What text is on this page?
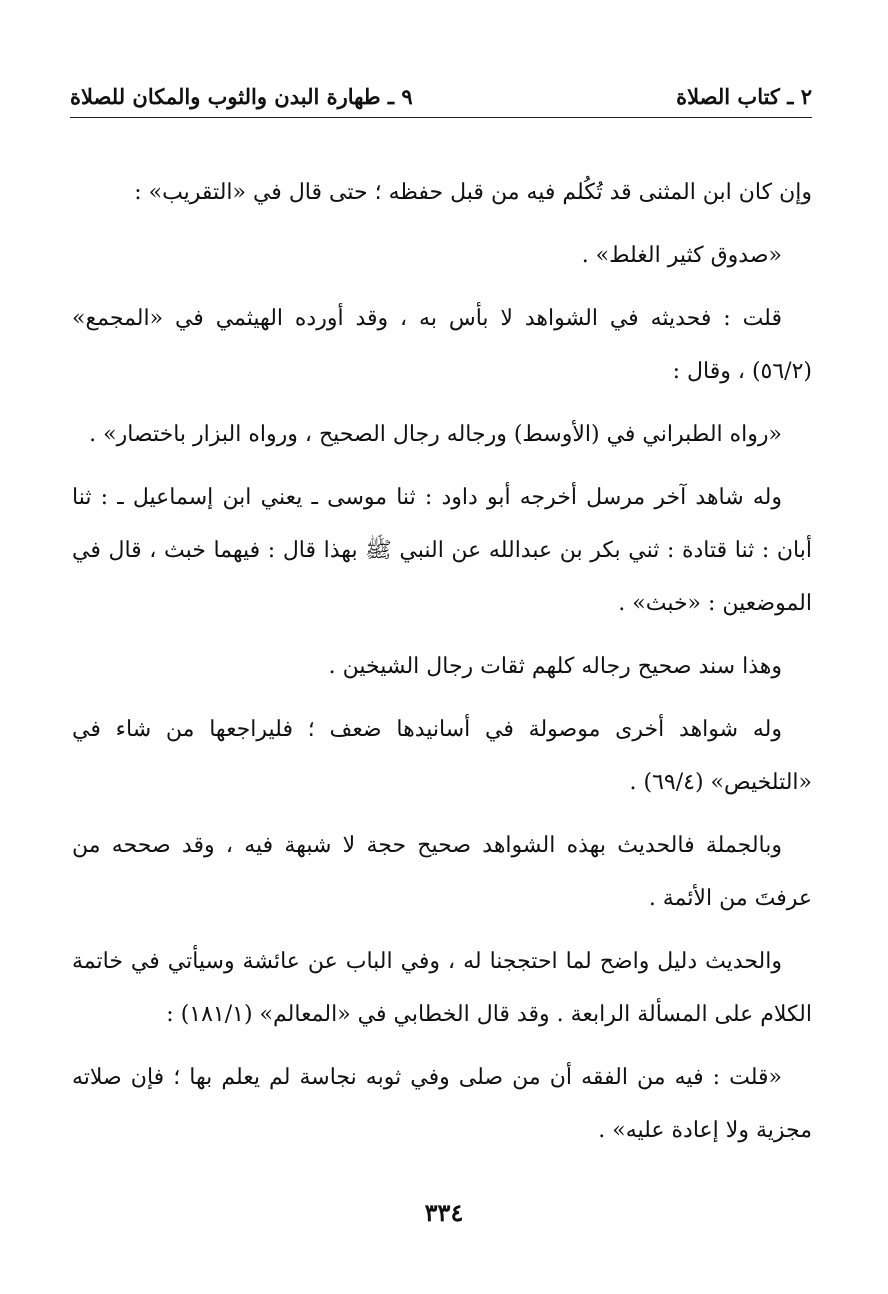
٢ ـ كتاب الصلاة
٩ ـ طهارة البدن والثوب والمكان للصلاة

وإن كان ابن المثنى قد تُكُلم فيه من قبل حفظه ؛ حتى قال في «التقريب» :

«صدوق كثير الغلط» .

قلت : فحديثه في الشواهد لا بأس به ، وقد أورده الهيثمي في «المجمع» (٥٦/٢) ، وقال :

«رواه الطبراني في (الأوسط) ورجاله رجال الصحيح ، ورواه البزار باختصار» .

وله شاهد آخر مرسل أخرجه أبو داود : ثنا موسى ـ يعني ابن إسماعيل ـ : ثنا أبان : ثنا قتادة : ثني بكر بن عبدالله عن النبي ﷺ بهذا قال : فيهما خبث ، قال في الموضعين : «خبث» .

وهذا سند صحيح رجاله كلهم ثقات رجال الشيخين .

وله شواهد أخرى موصولة في أسانيدها ضعف ؛ فليراجعها من شاء في «التلخيص» (٦٩/٤) .

وبالجملة فالحديث بهذه الشواهد صحيح حجة لا شبهة فيه ، وقد صححه من عرفتَ من الأئمة .

والحديث دليل واضح لما احتججنا له ، وفي الباب عن عائشة وسيأتي في خاتمة الكلام على المسألة الرابعة . وقد قال الخطابي في «المعالم» (١٨١/١) :

«قلت : فيه من الفقه أن من صلى وفي ثوبه نجاسة لم يعلم بها ؛ فإن صلاته مجزية ولا إعادة عليه» .

٣٣٤
